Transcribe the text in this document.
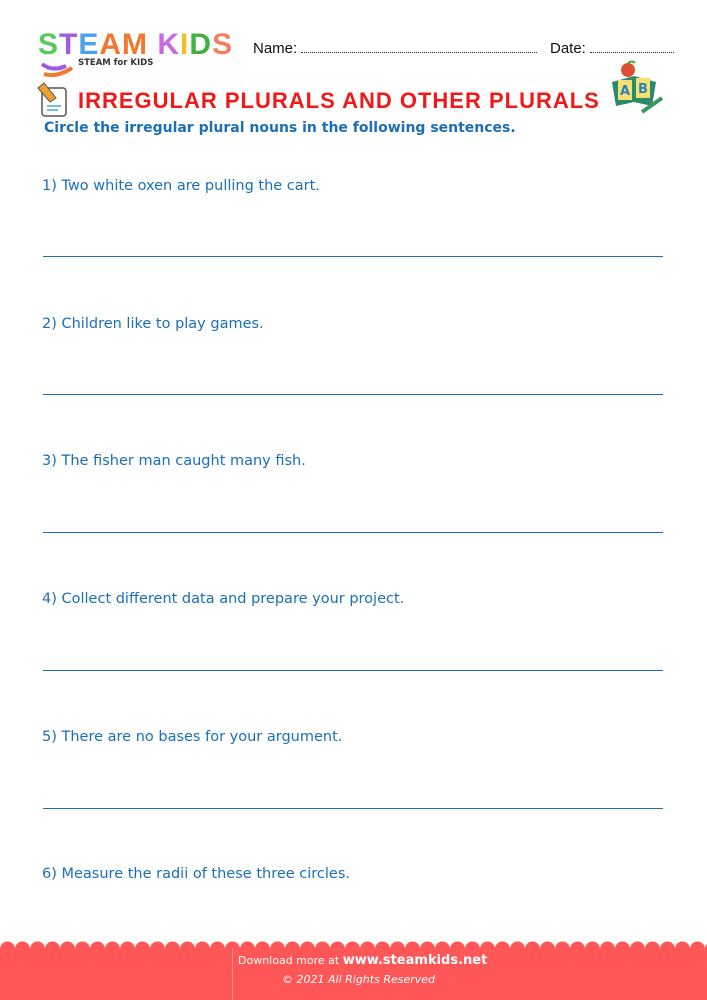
STEAM KIDS
STEAM for KIDS
Name:	Date:
IRREGULAR PLURALS AND OTHER PLURALS A B
Circle the irregular plural nouns in the following sentences.
1) Two white oxen are pulling the cart.
2) Children like to play games.
3) The fisher man caught many fish.
4) Collect different data and prepare your project.
5) There are no bases for your argument.
6) Measure the radii of these three circles.
Download more at www.steamkids.net
© 2021 All Rights Reserved
